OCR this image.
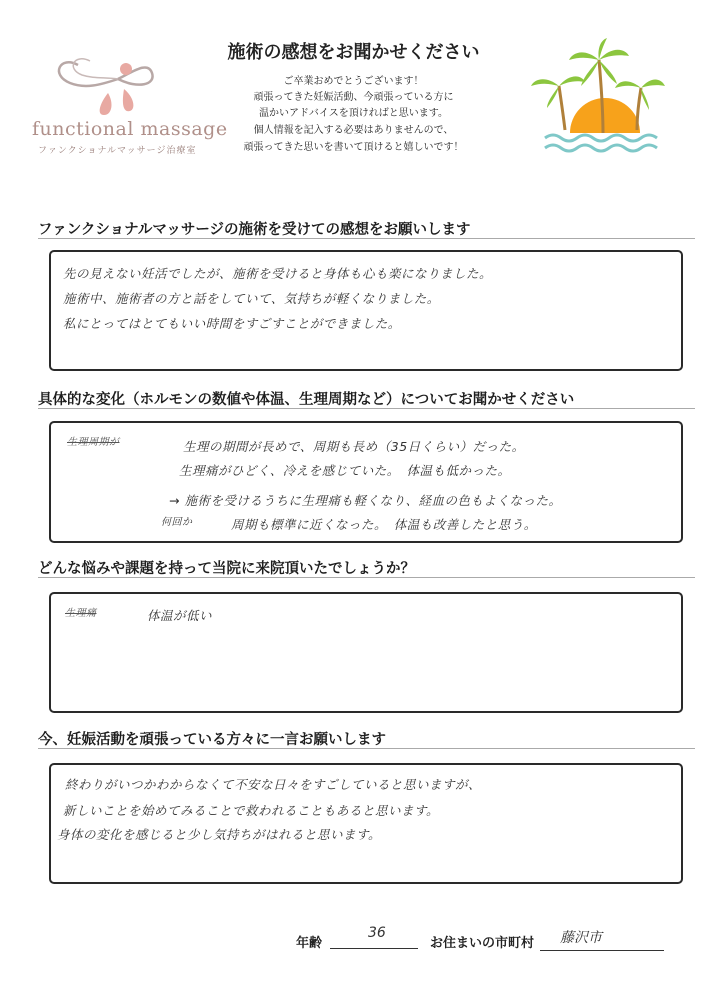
functional massage
ファンクショナルマッサージ治療室
施術の感想をお聞かせください
ご卒業おめでとうございます！
頑張ってきた妊娠活動、今頑張っている方に
温かいアドバイスを頂ければと思います。
個人情報を記入する必要はありませんので、
頑張ってきた思いを書いて頂けると嬉しいです！
ファンクショナルマッサージの施術を受けての感想をお願いします
先の見えない妊活でしたが、施術を受けると身体も心も楽になりました。
施術中、施術者の方と話をしていて、気持ちが軽くなりました。
私にとってはとてもいい時間をすごすことができました。
具体的な変化（ホルモンの数値や体温、生理周期など）についてお聞かせください
生理周期が	生理の期間が長めで、周期も長め（35日くらい）だった。
生理痛がひどく、冷えを感じていた。　体温も低かった。
→ 施術を受けるうちに生理痛も軽くなり、経血の色もよくなった。
何回か	周期も標準に近くなった。　体温も改善したと思う。
どんな悩みや課題を持って当院に来院頂いたでしょうか？
生理痛	体温が低い
今、妊娠活動を頑張っている方々に一言お願いします
終わりがいつかわからなくて不安な日々をすごしていると思いますが、
新しいことを始めてみることで救われることもあると思います。
身体の変化を感じると少し気持ちがはれると思います。
年齢
36
お住まいの市町村 藤沢市
